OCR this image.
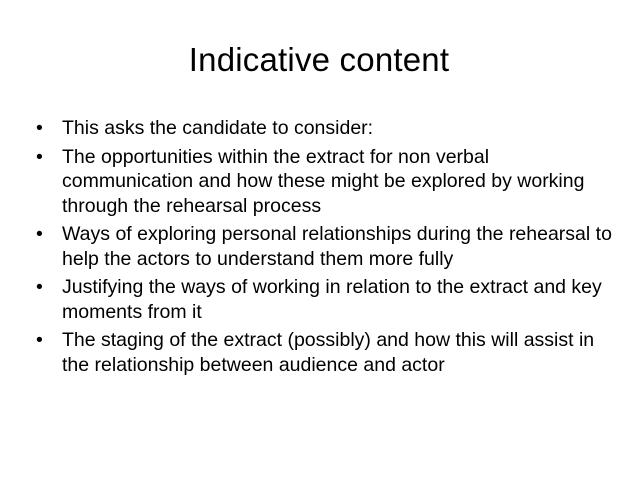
Indicative content
• This asks the candidate to consider:
• The opportunities within the extract for non verbal communication and how these might be explored by working through the rehearsal process
• Ways of exploring personal relationships during the rehearsal to help the actors to understand them more fully
• Justifying the ways of working in relation to the extract and key moments from it
• The staging of the extract (possibly) and how this will assist in the relationship between audience and actor
